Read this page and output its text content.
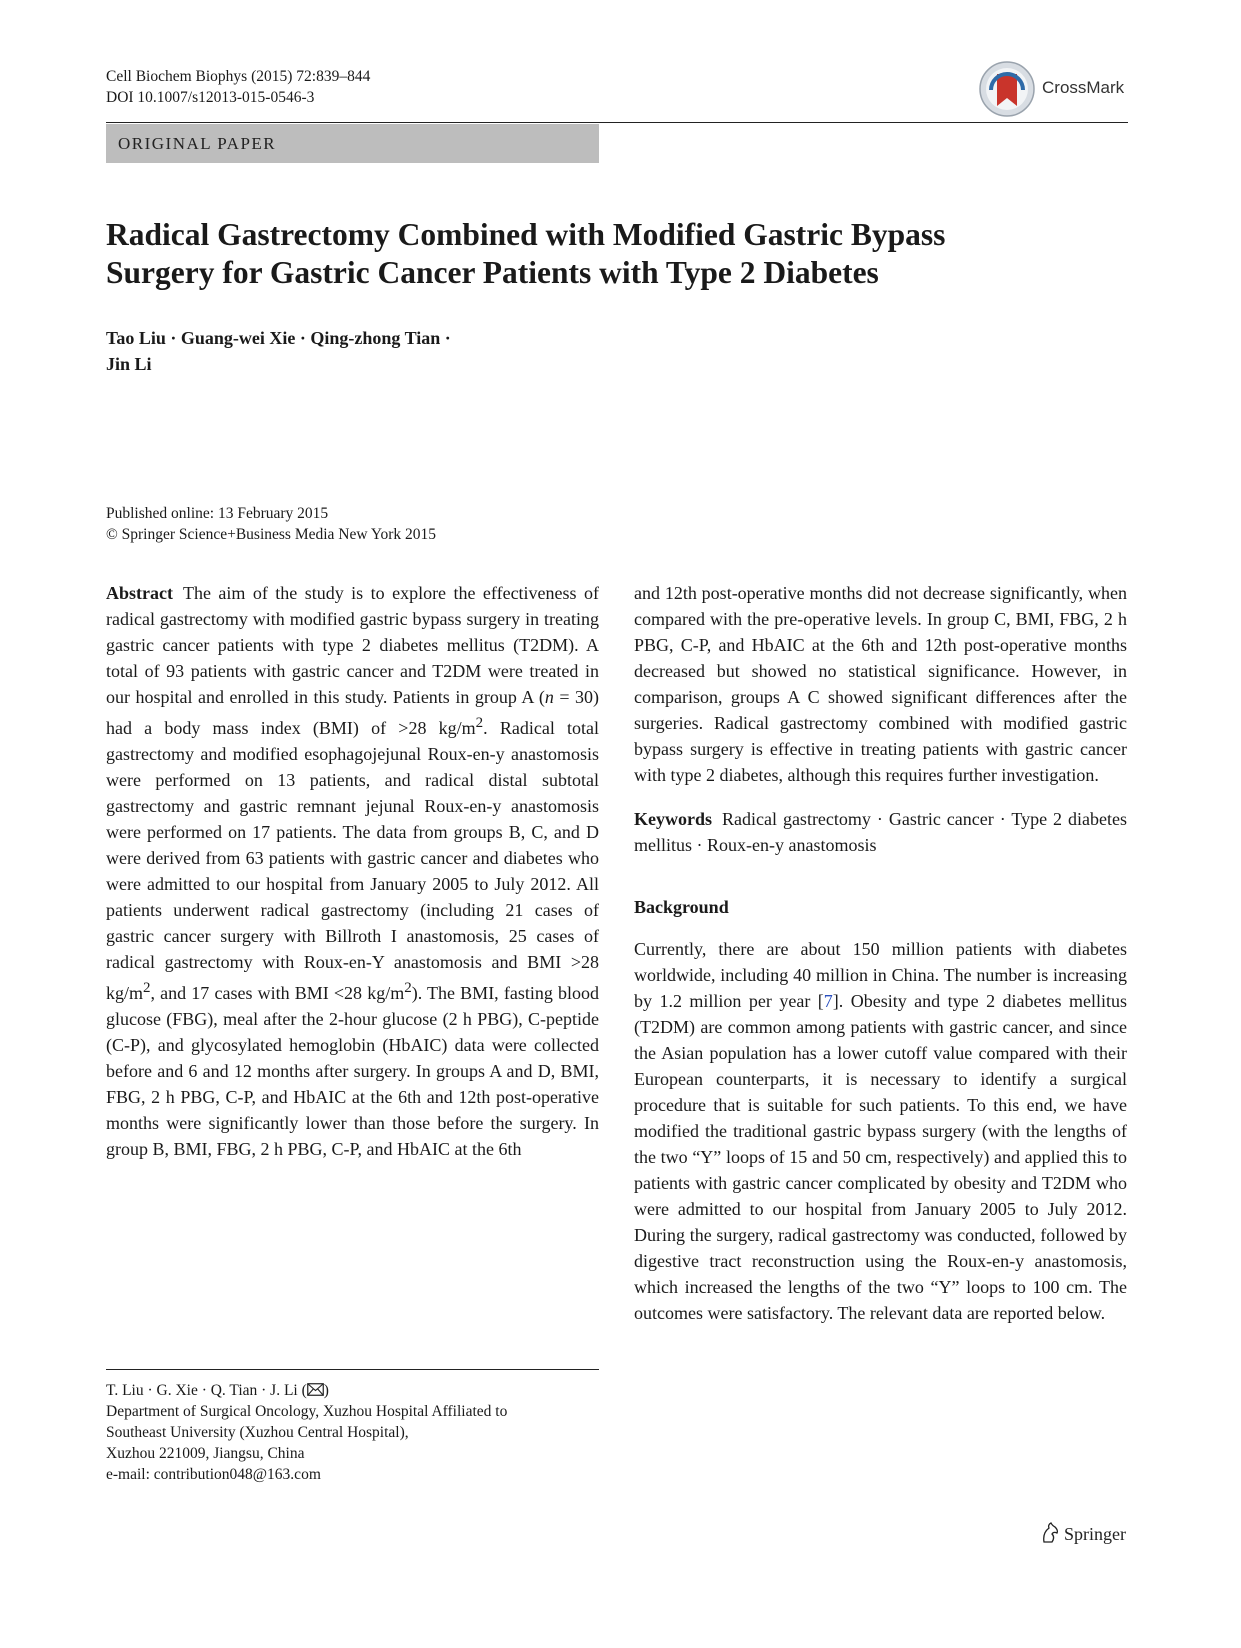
Cell Biochem Biophys (2015) 72:839–844
DOI 10.1007/s12013-015-0546-3
CrossMark
ORIGINAL PAPER
Radical Gastrectomy Combined with Modified Gastric Bypass
Surgery for Gastric Cancer Patients with Type 2 Diabetes
Tao Liu · Guang-wei Xie · Qing-zhong Tian ·
Jin Li
Published online: 13 February 2015
© Springer Science+Business Media New York 2015

Abstract The aim of the study is to explore the effectiveness of radical gastrectomy with modified gastric bypass surgery in treating gastric cancer patients with type 2 diabetes mellitus (T2DM). A total of 93 patients with gastric cancer and T2DM were treated in our hospital and enrolled in this study. Patients in group A (n = 30) had a body mass index (BMI) of >28 $kg/m^2$. Radical total gastrectomy and modified esophagojejunal Roux-en-y anastomosis were performed on 13 patients, and radical distal subtotal gastrectomy and gastric remnant jejunal Roux-en-y anastomosis were performed on 17 patients. The data from groups B, C, and D were derived from 63 patients with gastric cancer and diabetes who were admitted to our hospital from January 2005 to July 2012. All patients underwent radical gastrectomy (including 21 cases of gastric cancer surgery with Billroth I anastomosis, 25 cases of radical gastrectomy with Roux-en-Y anastomosis and BMI >28 $kg/m^2$, and 17 cases with BMI <28 $kg/m^2$). The BMI, fasting blood glucose (FBG), meal after the 2-hour glucose (2 h PBG), C-peptide (C-P), and glycosylated hemoglobin (HbAIC) data were collected before and 6 and 12 months after surgery. In groups A and D, BMI, FBG, 2 h PBG, C-P, and HbAIC at the 6th and 12th post-operative months were significantly lower than those before the surgery. In group B, BMI, FBG, 2 h PBG, C-P, and HbAIC at the 6th

and 12th post-operative months did not decrease significantly, when compared with the pre-operative levels. In group C, BMI, FBG, 2 h PBG, C-P, and HbAIC at the 6th and 12th post-operative months decreased but showed no statistical significance. However, in comparison, groups A C showed significant differences after the surgeries. Radical gastrectomy combined with modified gastric bypass surgery is effective in treating patients with gastric cancer with type 2 diabetes, although this requires further investigation.

Keywords Radical gastrectomy · Gastric cancer · Type 2 diabetes mellitus · Roux-en-y anastomosis

Background

Currently, there are about 150 million patients with diabetes worldwide, including 40 million in China. The number is increasing by 1.2 million per year [7]. Obesity and type 2 diabetes mellitus (T2DM) are common among patients with gastric cancer, and since the Asian population has a lower cutoff value compared with their European counterparts, it is necessary to identify a surgical procedure that is suitable for such patients. To this end, we have modified the traditional gastric bypass surgery (with the lengths of the two “Y” loops of 15 and 50 cm, respectively) and applied this to patients with gastric cancer complicated by obesity and T2DM who were admitted to our hospital from January 2005 to July 2012. During the surgery, radical gastrectomy was conducted, followed by digestive tract reconstruction using the Roux-en-y anastomosis, which increased the lengths of the two “Y” loops to 100 cm. The outcomes were satisfactory. The relevant data are reported below.

T. Liu · G. Xie · Q. Tian · J. Li ( )
Department of Surgical Oncology, Xuzhou Hospital Affiliated to
Southeast University (Xuzhou Central Hospital),
Xuzhou 221009, Jiangsu, China
e-mail: contribution048@163.com
Springer
